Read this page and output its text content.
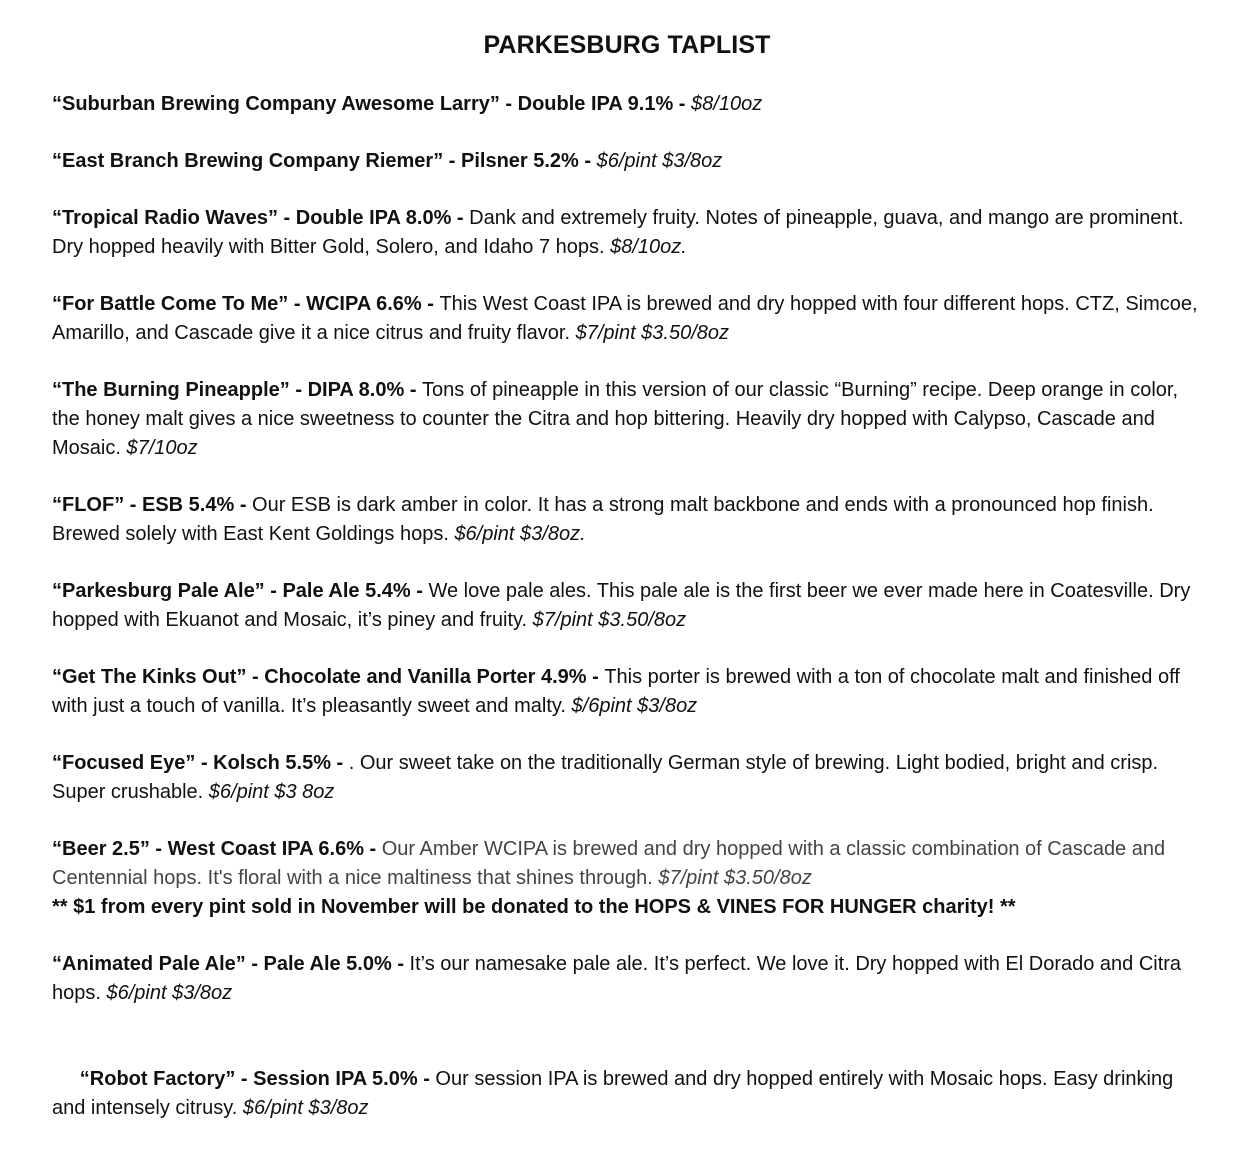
PARKESBURG TAPLIST

“Suburban Brewing Company Awesome Larry” - Double IPA 9.1% - $8/10oz

“East Branch Brewing Company Riemer” - Pilsner 5.2% - $6/pint $3/8oz

“Tropical Radio Waves” - Double IPA 8.0% - Dank and extremely fruity. Notes of pineapple, guava, and mango are prominent. Dry hopped heavily with Bitter Gold, Solero, and Idaho 7 hops. $8/10oz.

“For Battle Come To Me” - WCIPA 6.6% - This West Coast IPA is brewed and dry hopped with four different hops. CTZ, Simcoe, Amarillo, and Cascade give it a nice citrus and fruity flavor. $7/pint $3.50/8oz

“The Burning Pineapple” - DIPA 8.0% - Tons of pineapple in this version of our classic “Burning” recipe. Deep orange in color, the honey malt gives a nice sweetness to counter the Citra and hop bittering. Heavily dry hopped with Calypso, Cascade and Mosaic. $7/10oz

“FLOF” - ESB 5.4% - Our ESB is dark amber in color. It has a strong malt backbone and ends with a pronounced hop finish. Brewed solely with East Kent Goldings hops. $6/pint $3/8oz.

“Parkesburg Pale Ale” - Pale Ale 5.4% - We love pale ales. This pale ale is the first beer we ever made here in Coatesville. Dry hopped with Ekuanot and Mosaic, it’s piney and fruity. $7/pint $3.50/8oz

“Get The Kinks Out” - Chocolate and Vanilla Porter 4.9% - This porter is brewed with a ton of chocolate malt and finished off with just a touch of vanilla. It’s pleasantly sweet and malty. $/6pint $3/8oz

“Focused Eye” - Kolsch 5.5% - . Our sweet take on the traditionally German style of brewing. Light bodied, bright and crisp. Super crushable. $6/pint $3 8oz

“Beer 2.5” - West Coast IPA 6.6% - Our Amber WCIPA is brewed and dry hopped with a classic combination of Cascade and Centennial hops. It's floral with a nice maltiness that shines through. $7/pint $3.50/8oz

** $1 from every pint sold in November will be donated to the HOPS & VINES FOR HUNGER charity! **

“Animated Pale Ale” - Pale Ale 5.0% - It’s our namesake pale ale. It’s perfect. We love it. Dry hopped with El Dorado and Citra hops. $6/pint $3/8oz

“Robot Factory” - Session IPA 5.0% - Our session IPA is brewed and dry hopped entirely with Mosaic hops. Easy drinking and intensely citrusy. $6/pint $3/8oz
